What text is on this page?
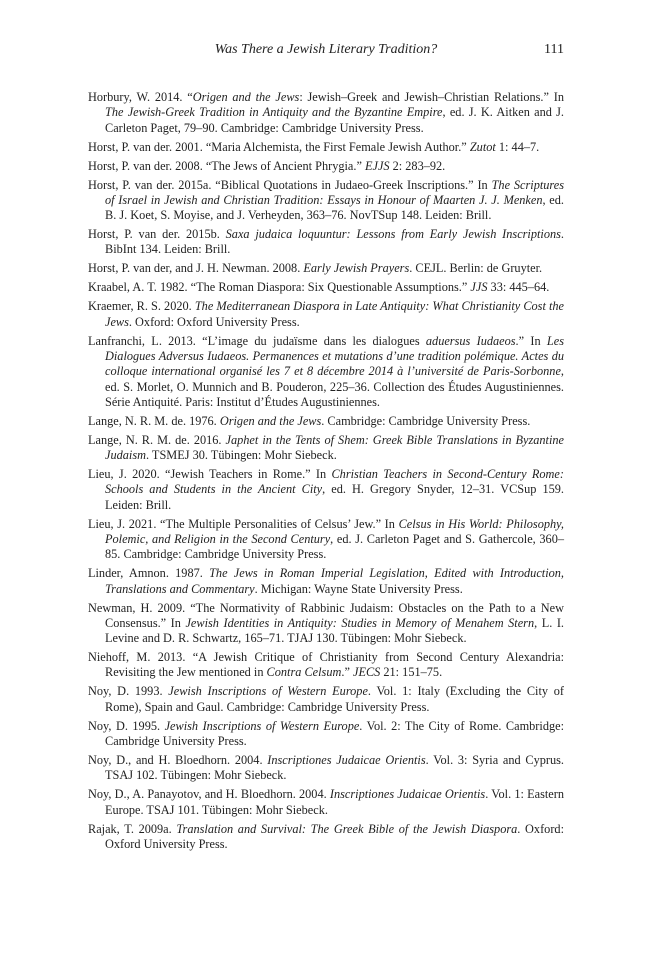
Was There a Jewish Literary Tradition?	111
Horbury, W. 2014. “Origen and the Jews: Jewish–Greek and Jewish–Christian Relations.” In The Jewish-Greek Tradition in Antiquity and the Byzantine Empire, ed. J. K. Aitken and J. Carleton Paget, 79–90. Cambridge: Cambridge University Press.
Horst, P. van der. 2001. “Maria Alchemista, the First Female Jewish Author.” Zutot 1: 44–7.
Horst, P. van der. 2008. “The Jews of Ancient Phrygia.” EJJS 2: 283–92.
Horst, P. van der. 2015a. “Biblical Quotations in Judaeo-Greek Inscriptions.” In The Scriptures of Israel in Jewish and Christian Tradition: Essays in Honour of Maarten J. J. Menken, ed. B. J. Koet, S. Moyise, and J. Verheyden, 363–76. NovTSup 148. Leiden: Brill.
Horst, P. van der. 2015b. Saxa judaica loquuntur: Lessons from Early Jewish Inscriptions. BibInt 134. Leiden: Brill.
Horst, P. van der, and J. H. Newman. 2008. Early Jewish Prayers. CEJL. Berlin: de Gruyter.
Kraabel, A. T. 1982. “The Roman Diaspora: Six Questionable Assumptions.” JJS 33: 445–64.
Kraemer, R. S. 2020. The Mediterranean Diaspora in Late Antiquity: What Christianity Cost the Jews. Oxford: Oxford University Press.
Lanfranchi, L. 2013. “L’image du judaïsme dans les dialogues aduersus Iudaeos.” In Les Dialogues Adversus Iudaeos. Permanences et mutations d’une tradition polémique. Actes du colloque international organisé les 7 et 8 décembre 2014 à l’université de Paris-Sorbonne, ed. S. Morlet, O. Munnich and B. Pouderon, 225–36. Collection des Études Augustiniennes. Série Antiquité. Paris: Institut d’Études Augustiniennes.
Lange, N. R. M. de. 1976. Origen and the Jews. Cambridge: Cambridge University Press.
Lange, N. R. M. de. 2016. Japhet in the Tents of Shem: Greek Bible Translations in Byzantine Judaism. TSMEJ 30. Tübingen: Mohr Siebeck.
Lieu, J. 2020. “Jewish Teachers in Rome.” In Christian Teachers in Second-Century Rome: Schools and Students in the Ancient City, ed. H. Gregory Snyder, 12–31. VCSup 159. Leiden: Brill.
Lieu, J. 2021. “The Multiple Personalities of Celsus’ Jew.” In Celsus in His World: Philosophy, Polemic, and Religion in the Second Century, ed. J. Carleton Paget and S. Gathercole, 360–85. Cambridge: Cambridge University Press.
Linder, Amnon. 1987. The Jews in Roman Imperial Legislation, Edited with Introduction, Translations and Commentary. Michigan: Wayne State University Press.
Newman, H. 2009. “The Normativity of Rabbinic Judaism: Obstacles on the Path to a New Consensus.” In Jewish Identities in Antiquity: Studies in Memory of Menahem Stern, L. I. Levine and D. R. Schwartz, 165–71. TJAJ 130. Tübingen: Mohr Siebeck.
Niehoff, M. 2013. “A Jewish Critique of Christianity from Second Century Alexandria: Revisiting the Jew mentioned in Contra Celsum.” JECS 21: 151–75.
Noy, D. 1993. Jewish Inscriptions of Western Europe. Vol. 1: Italy (Excluding the City of Rome), Spain and Gaul. Cambridge: Cambridge University Press.
Noy, D. 1995. Jewish Inscriptions of Western Europe. Vol. 2: The City of Rome. Cambridge: Cambridge University Press.
Noy, D., and H. Bloedhorn. 2004. Inscriptiones Judaicae Orientis. Vol. 3: Syria and Cyprus. TSAJ 102. Tübingen: Mohr Siebeck.
Noy, D., A. Panayotov, and H. Bloedhorn. 2004. Inscriptiones Judaicae Orientis. Vol. 1: Eastern Europe. TSAJ 101. Tübingen: Mohr Siebeck.
Rajak, T. 2009a. Translation and Survival: The Greek Bible of the Jewish Diaspora. Oxford: Oxford University Press.
